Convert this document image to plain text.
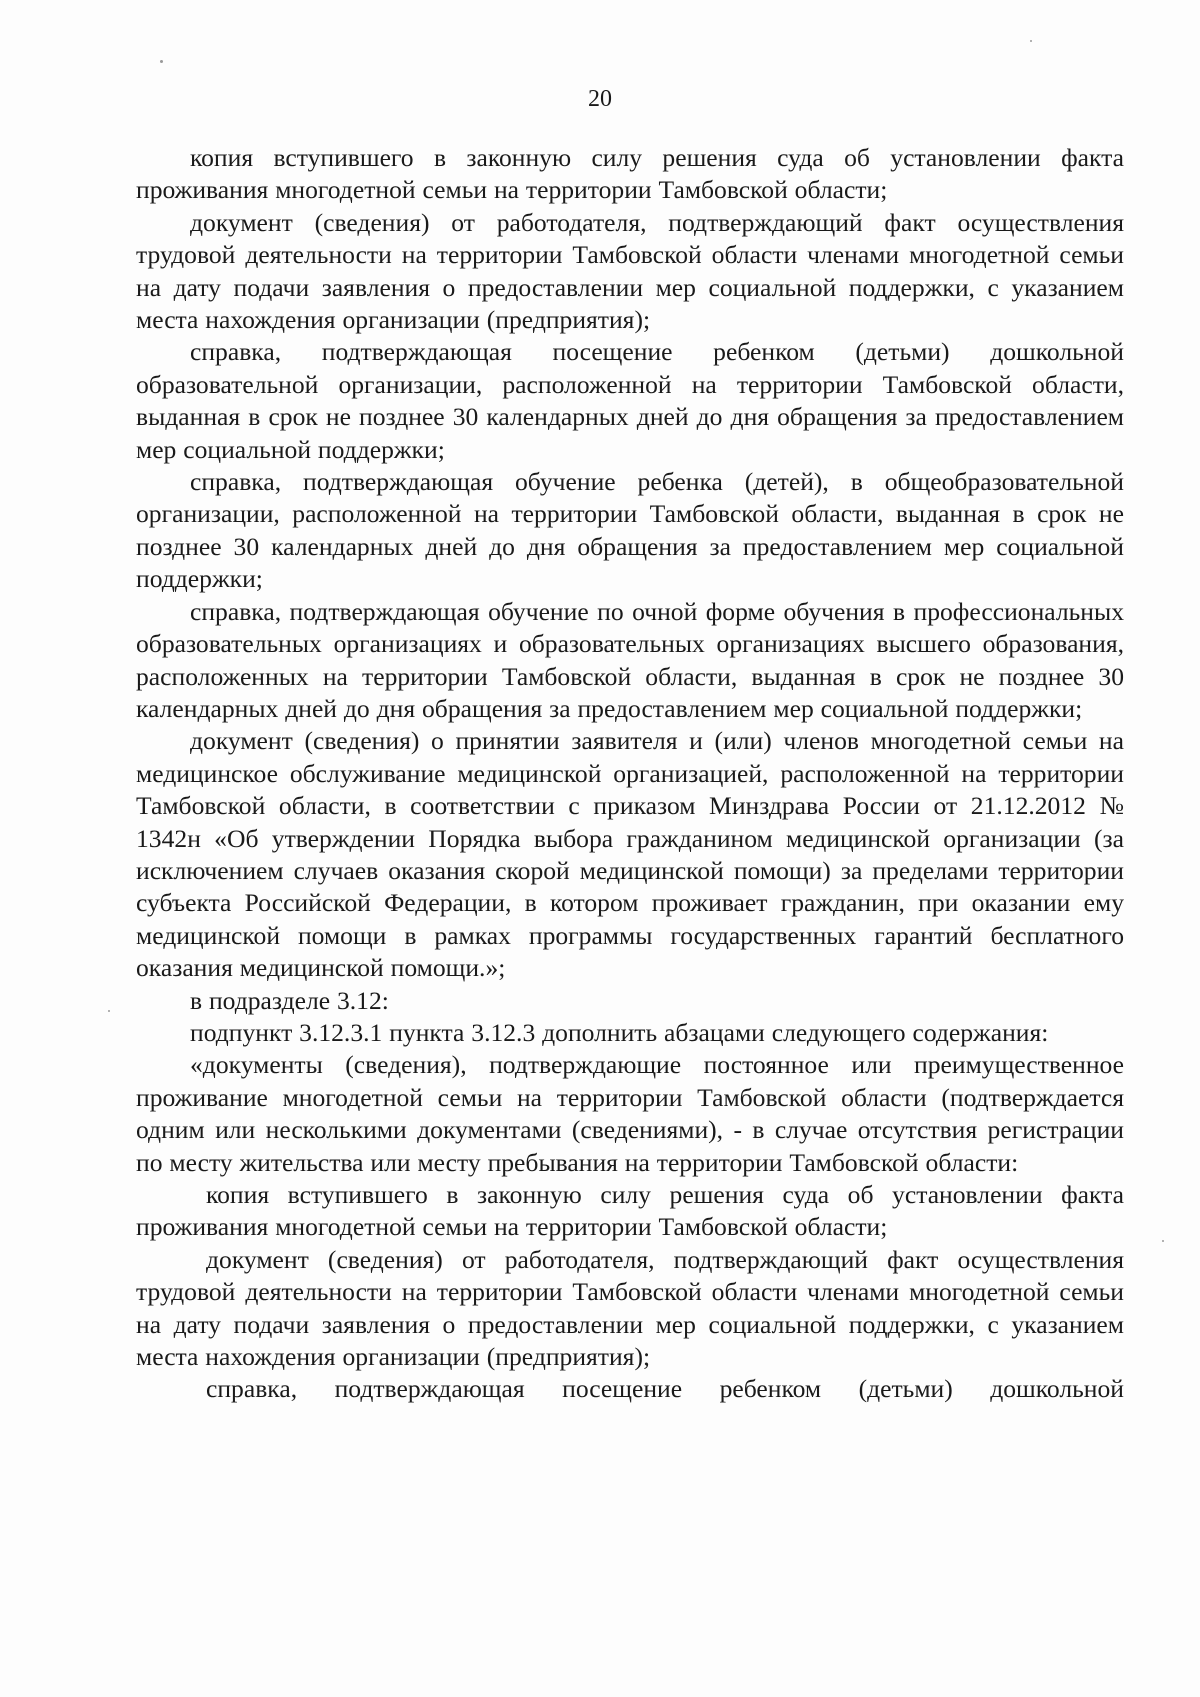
20

копия вступившего в законную силу решения суда об установлении факта проживания многодетной семьи на территории Тамбовской области;

документ (сведения) от работодателя, подтверждающий факт осуществления трудовой деятельности на территории Тамбовской области членами многодетной семьи на дату подачи заявления о предоставлении мер социальной поддержки, с указанием места нахождения организации (предприятия);

справка, подтверждающая посещение ребенком (детьми) дошкольной образовательной организации, расположенной на территории Тамбовской области, выданная в срок не позднее 30 календарных дней до дня обращения за предоставлением мер социальной поддержки;

справка, подтверждающая обучение ребенка (детей), в общеобразовательной организации, расположенной на территории Тамбовской области, выданная в срок не позднее 30 календарных дней до дня обращения за предоставлением мер социальной поддержки;

справка, подтверждающая обучение по очной форме обучения в профессиональных образовательных организациях и образовательных организациях высшего образования, расположенных на территории Тамбовской области, выданная в срок не позднее 30 календарных дней до дня обращения за предоставлением мер социальной поддержки;

документ (сведения) о принятии заявителя и (или) членов многодетной семьи на медицинское обслуживание медицинской организацией, расположенной на территории Тамбовской области, в соответствии с приказом Минздрава России от 21.12.2012 № 1342н «Об утверждении Порядка выбора гражданином медицинской организации (за исключением случаев оказания скорой медицинской помощи) за пределами территории субъекта Российской Федерации, в котором проживает гражданин, при оказании ему медицинской помощи в рамках программы государственных гарантий бесплатного оказания медицинской помощи.»;

в подразделе 3.12:

подпункт 3.12.3.1 пункта 3.12.3 дополнить абзацами следующего содержания:

«документы (сведения), подтверждающие постоянное или преимущественное проживание многодетной семьи на территории Тамбовской области (подтверждается одним или несколькими документами (сведениями), - в случае отсутствия регистрации по месту жительства или месту пребывания на территории Тамбовской области:

копия вступившего в законную силу решения суда об установлении факта проживания многодетной семьи на территории Тамбовской области;

документ (сведения) от работодателя, подтверждающий факт осуществления трудовой деятельности на территории Тамбовской области членами многодетной семьи на дату подачи заявления о предоставлении мер социальной поддержки, с указанием места нахождения организации (предприятия);

справка, подтверждающая посещение ребенком (детьми) дошкольной
